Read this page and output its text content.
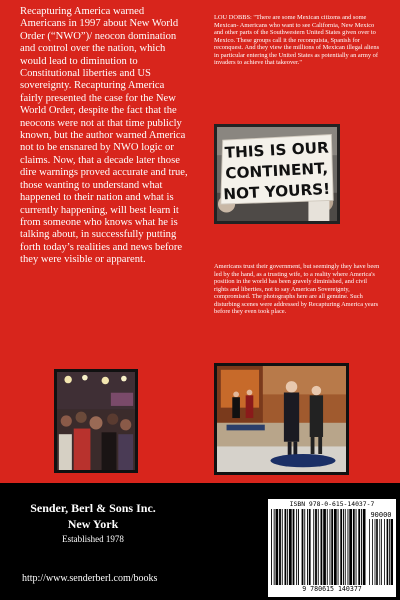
Recapturing America warned Americans in 1997 about New World Order (“NWO”)/ neocon domination and control over the nation, which would lead to diminution to Constitutional liberties and US sovereignty. Recapturing America fairly presented the case for the New World Order, despite the fact that the neocons were not at that time publicly known, but the author warned America not to be ensnared by NWO logic or claims. Now, that a decade later those dire warnings proved accurate and true, those wanting to understand what happened to their nation and what is currently happening, will best learn it from someone who knows what he is talking about, in successfully putting forth today’s realities and news before they were visible or apparent.
LOU DOBBS: "There are some Mexican citizens and some Mexican- Americans who want to see California, New Mexico and other parts of the Southwestern United States given over to Mexico. These groups call it the reconquista, Spanish for reconquest. And they view the millions of Mexican illegal aliens in particular entering the United States as potentially an army of invaders to achieve that takeover."
THIS IS OUR
CONTINENT,
NOT YOURS!
Americans trust their government, but seemingly they have been led by the hand, as a trusting wife, to a reality where America's position in the world has been gravely diminished, and civil rights and liberties, not to say American Sovereignty, compromised. The photographs here are all genuine. Such disturbing scenes were addressed by Recapturing America years before they even took place.
Sender, Berl & Sons Inc.
New York
Established 1978
http://www.senderberl.com/books
ISBN 978-0-615-14037-7
90000
9 780615 140377
